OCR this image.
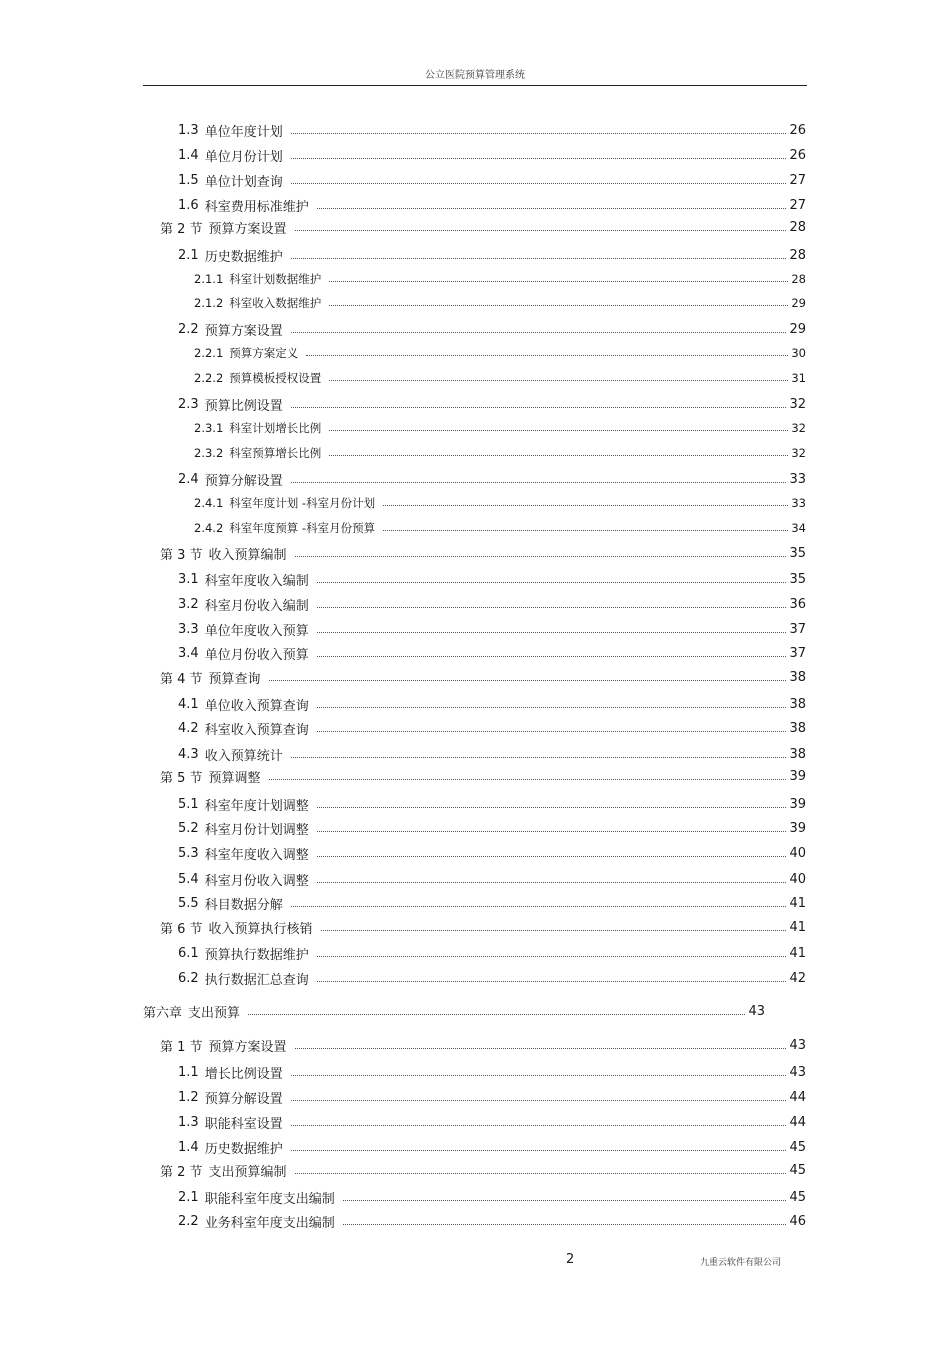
公立医院预算管理系统
1.3 单位年度计划	26
1.4 单位月份计划	26
1.5 单位计划查询	27
1.6 科室费用标准维护	27
第 2 节 预算方案设置	28
2.1 历史数据维护	28
2.1.1 科室计划数据维护	28
2.1.2 科室收入数据维护	29
2.2 预算方案设置	29
2.2.1 预算方案定义	30
2.2.2 预算模板授权设置	31
2.3 预算比例设置	32
2.3.1 科室计划增长比例	32
2.3.2 科室预算增长比例	32
2.4 预算分解设置	33
2.4.1 科室年度计划 -科室月份计划	33
2.4.2 科室年度预算 -科室月份预算	34
第 3 节 收入预算编制	35
3.1 科室年度收入编制	35
3.2 科室月份收入编制	36
3.3 单位年度收入预算	37
3.4 单位月份收入预算	37
第 4 节 预算查询	38
4.1 单位收入预算查询	38
4.2 科室收入预算查询	38
4.3 收入预算统计	38
第 5 节 预算调整	39
5.1 科室年度计划调整	39
5.2 科室月份计划调整	39
5.3 科室年度收入调整	40
5.4 科室月份收入调整	40
5.5 科目数据分解	41
第 6 节 收入预算执行核销	41
6.1 预算执行数据维护	41
6.2 执行数据汇总查询	42
第六章 支出预算	43
第 1 节 预算方案设置	43
1.1 增长比例设置	43
1.2 预算分解设置	44
1.3 职能科室设置	44
1.4 历史数据维护	45
第 2 节 支出预算编制	45
2.1 职能科室年度支出编制	45
2.2 业务科室年度支出编制	46
2	九重云软件有限公司
